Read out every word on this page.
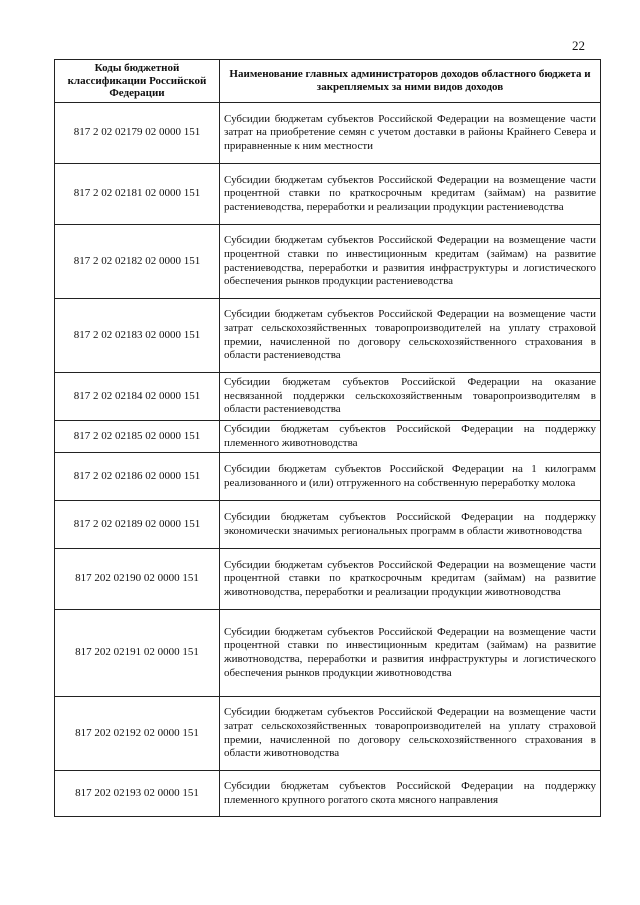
22
Коды бюджетной классификации Российской Федерации	Наименование главных администраторов доходов областного бюджета и закрепляемых за ними видов доходов
817 2 02 02179 02 0000 151	Субсидии бюджетам субъектов Российской Федерации на возмещение части затрат на приобретение семян с учетом доставки в районы Крайнего Севера и приравненные к ним местности
817 2 02 02181 02 0000 151	Субсидии бюджетам субъектов Российской Федерации на возмещение части процентной ставки по краткосрочным кредитам (займам) на развитие растениеводства, переработки и реализации продукции растениеводства
817 2 02 02182 02 0000 151	Субсидии бюджетам субъектов Российской Федерации на возмещение части процентной ставки по инвестиционным кредитам (займам) на развитие растениеводства, переработки и развития инфраструктуры и логистического обеспечения рынков продукции растениеводства
817 2 02 02183 02 0000 151	Субсидии бюджетам субъектов Российской Федерации на возмещение части затрат сельскохозяйственных товаропроизводителей на уплату страховой премии, начисленной по договору сельскохозяйственного страхования в области растениеводства
817 2 02 02184 02 0000 151	Субсидии бюджетам субъектов Российской Федерации на оказание несвязанной поддержки сельскохозяйственным товаропроизводителям в области растениеводства
817 2 02 02185 02 0000 151	Субсидии бюджетам субъектов Российской Федерации на поддержку племенного животноводства
817 2 02 02186 02 0000 151	Субсидии бюджетам субъектов Российской Федерации на 1 килограмм реализованного и (или) отгруженного на собственную переработку молока
817 2 02 02189 02 0000 151	Субсидии бюджетам субъектов Российской Федерации на поддержку экономически значимых региональных программ в области животноводства
817 202 02190 02 0000 151	Субсидии бюджетам субъектов Российской Федерации на возмещение части процентной ставки по краткосрочным кредитам (займам) на развитие животноводства, переработки и реализации продукции животноводства
817 202 02191 02 0000 151	Субсидии бюджетам субъектов Российской Федерации на возмещение части процентной ставки по инвестиционным кредитам (займам) на развитие животноводства, переработки и развития инфраструктуры и логистического обеспечения рынков продукции животноводства
817 202 02192 02 0000 151	Субсидии бюджетам субъектов Российской Федерации на возмещение части затрат сельскохозяйственных товаропроизводителей на уплату страховой премии, начисленной по договору сельскохозяйственного страхования в области животноводства
817 202 02193 02 0000 151	Субсидии бюджетам субъектов Российской Федерации на поддержку племенного крупного рогатого скота мясного направления
